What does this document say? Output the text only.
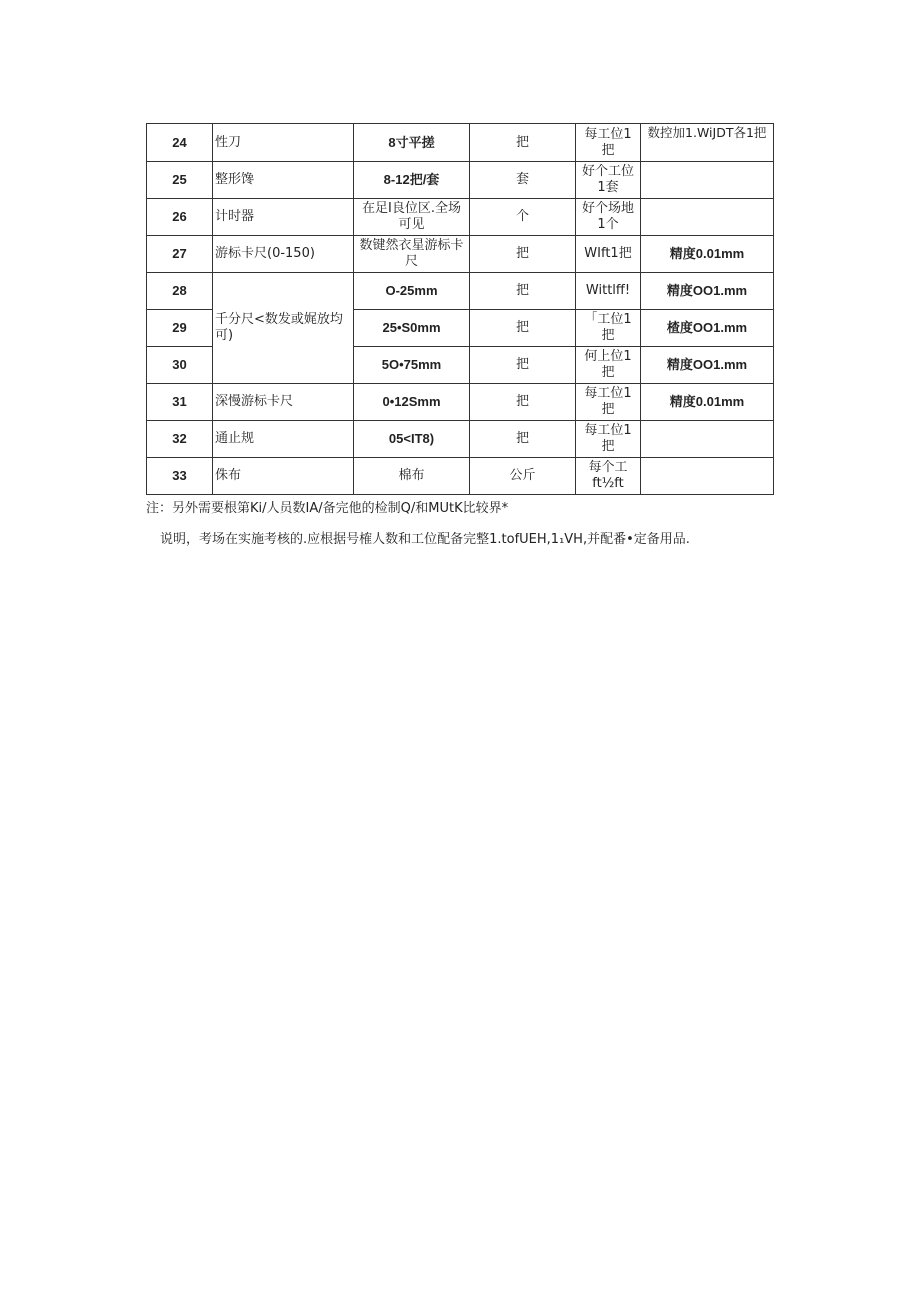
24	性刀	8寸平搓	把	每工位1把	数控加1.WiJDT各1把
25	整形馋	8-12把/套	套	好个工位1套	
26	计时器	在足I良位区.全场可见	个	好个场地1个	
27	游标卡尺(0-150)	数键然衣星游标卡尺	把	WIft1把	精度0.01mm
28	千分尺<数发或娓放均可)	O-25mm	把	Wittlff!	精度OO1.mm
29		25•S0mm	把	「工位1把	楂度OO1.mm
30		5O•75mm	把	何上位1把	精度OO1.mm
31	深慢游标卡尺	0•12Smm	把	每工位1把	精度0.01mm
32	通止规	05<IT8)	把	每工位1把	
33	侏布	棉布	公斤	每个工ft½ft	
注：另外需要根第Ki/人员数IA/备完他的检制Q/和MUtK比较界*
说明，考场在实施考核的.应根据号榷人数和工位配备完整1.tofUEH,1₁VH,并配番•定备用品.
